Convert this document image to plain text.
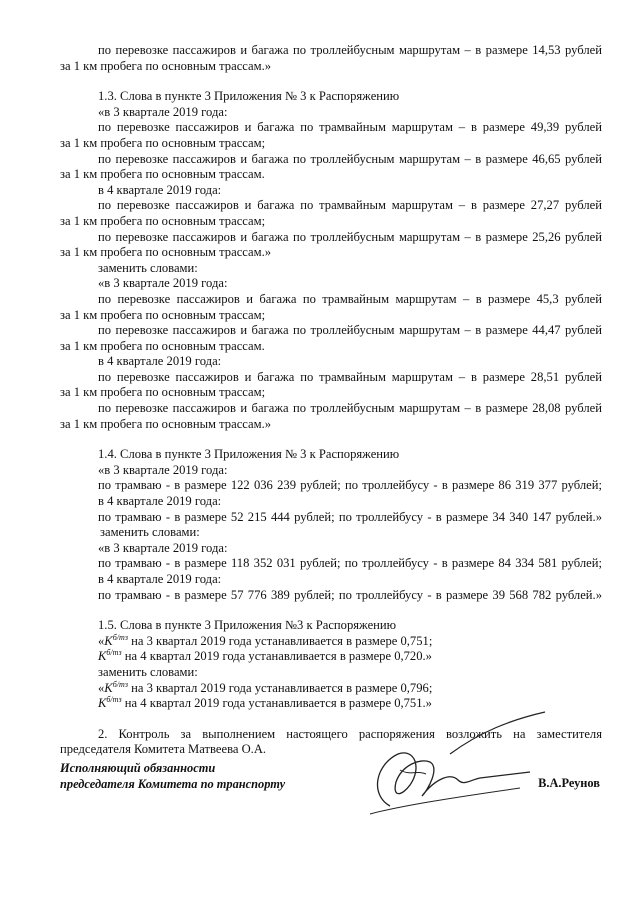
по перевозке пассажиров и багажа по троллейбусным маршрутам – в размере 14,53 рублей
за 1 км пробега по основным трассам.»
1.3. Слова в пункте 3 Приложения № 3 к Распоряжению
«в 3 квартале 2019 года:
по перевозке пассажиров и багажа по трамвайным маршрутам – в размере 49,39 рублей
за 1 км пробега по основным трассам;
по перевозке пассажиров и багажа по троллейбусным маршрутам – в размере 46,65 рублей
за 1 км пробега по основным трассам.
в 4 квартале 2019 года:
по перевозке пассажиров и багажа по трамвайным маршрутам – в размере 27,27 рублей
за 1 км пробега по основным трассам;
по перевозке пассажиров и багажа по троллейбусным маршрутам – в размере 25,26 рублей
за 1 км пробега по основным трассам.»
заменить словами:
«в 3 квартале 2019 года:
по перевозке пассажиров и багажа по трамвайным маршрутам – в размере 45,3 рублей
за 1 км пробега по основным трассам;
по перевозке пассажиров и багажа по троллейбусным маршрутам – в размере 44,47 рублей
за 1 км пробега по основным трассам.
в 4 квартале 2019 года:
по перевозке пассажиров и багажа по трамвайным маршрутам – в размере 28,51 рублей
за 1 км пробега по основным трассам;
по перевозке пассажиров и багажа по троллейбусным маршрутам – в размере 28,08 рублей
за 1 км пробега по основным трассам.»
1.4. Слова в пункте 3 Приложения № 3 к Распоряжению
«в 3 квартале 2019 года:
по трамваю - в размере 122 036 239 рублей; по троллейбусу - в размере 86 319 377 рублей;
в 4 квартале 2019 года:
по трамваю - в размере 52 215 444 рублей; по троллейбусу - в размере 34 340 147 рублей.»
заменить словами:
«в 3 квартале 2019 года:
по трамваю - в размере 118 352 031 рублей; по троллейбусу - в размере 84 334 581 рублей;
в 4 квартале 2019 года:
по трамваю - в размере 57 776 389 рублей; по троллейбусу - в размере 39 568 782 рублей.»
1.5. Слова в пункте 3 Приложения №3 к Распоряжению
«$K^{б/тз}$ на 3 квартал 2019 года устанавливается в размере 0,751;
$K^{б/тз}$ на 4 квартал 2019 года устанавливается в размере 0,720.»
заменить словами:
«$K^{б/тз}$ на 3 квартал 2019 года устанавливается в размере 0,796;
$K^{б/тз}$ на 4 квартал 2019 года устанавливается в размере 0,751.»
2. Контроль за выполнением настоящего распоряжения возложить на заместителя
председателя Комитета Матвеева О.А.
Исполняющий обязанности
председателя Комитета по транспорту	В.А.Реунов
